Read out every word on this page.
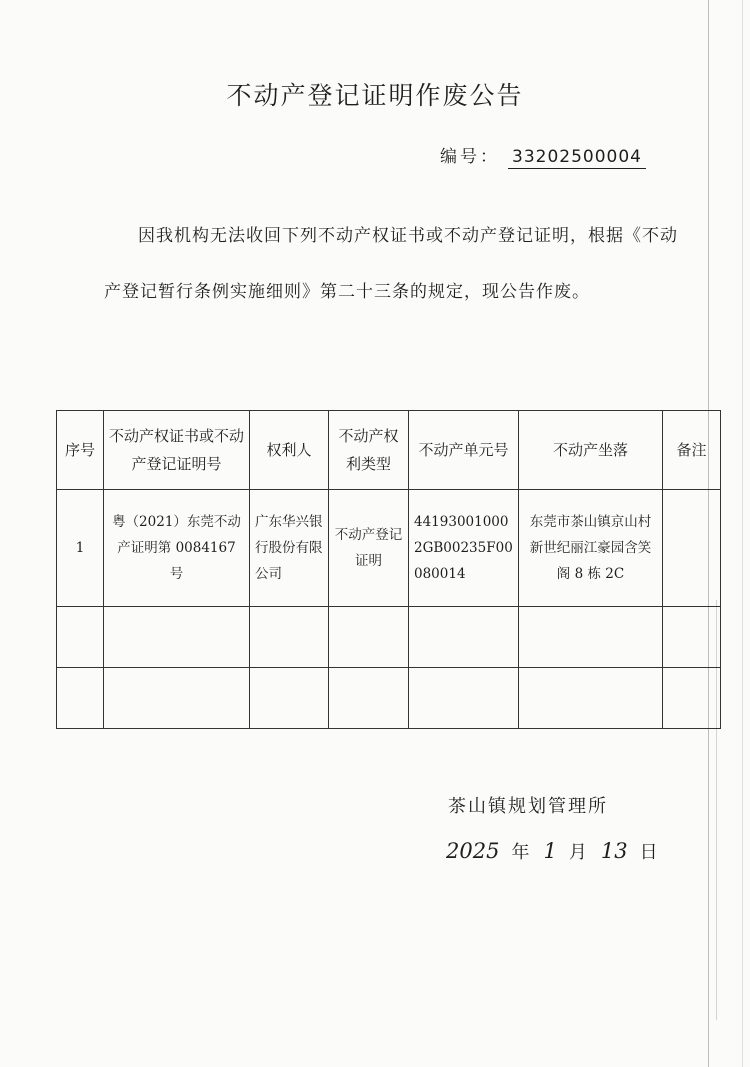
不动产登记证明作废公告
编号： 33202500004
因我机构无法收回下列不动产权证书或不动产登记证明，根据《不动产登记暂行条例实施细则》第二十三条的规定，现公告作废。
序号	不动产权证书或不动产登记证明号	权利人	不动产权利类型	不动产单元号	不动产坐落	备注
1	粤（2021）东莞不动产证明第 0084167 号	广东华兴银行股份有限公司	不动产登记证明	441930010002GB00235F00080014	东莞市茶山镇京山村新世纪丽江豪园含笑阁 8 栋 2C	

茶山镇规划管理所
2025 年 1 月 13 日
